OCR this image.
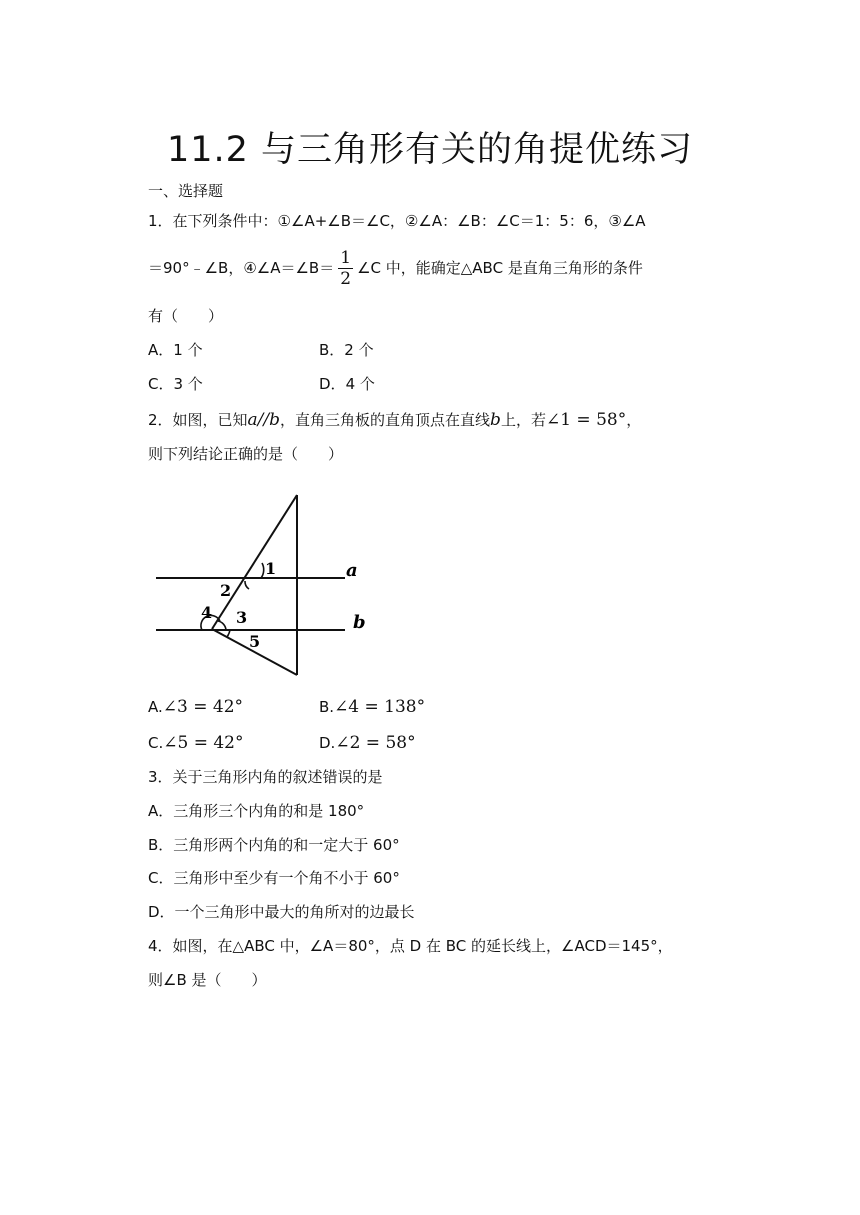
11.2 与三角形有关的角提优练习
一、选择题
1．在下列条件中：①∠A+∠B＝∠C，②∠A：∠B：∠C＝1：5：6，③∠A
＝90°﹣∠B，④∠A＝∠B＝ $\frac{1}{2}$ ∠C 中，能确定△ABC 是直角三角形的条件
有（　　）
A．1 个	B．2 个
C．3 个	D．4 个
2．如图，已知a//b，直角三角板的直角顶点在直线b上，若∠1 = 58°，
则下列结论正确的是（　　）
1
2
4 3
5
a
b
A.∠3 = 42°	B.∠4 = 138°
C.∠5 = 42°	D.∠2 = 58°
3．关于三角形内角的叙述错误的是
A．三角形三个内角的和是 180°
B．三角形两个内角的和一定大于 60°
C．三角形中至少有一个角不小于 60°
D．一个三角形中最大的角所对的边最长
4．如图，在△ABC 中，∠A＝80°，点 D 在 BC 的延长线上，∠ACD＝145°，
则∠B 是（　　）
